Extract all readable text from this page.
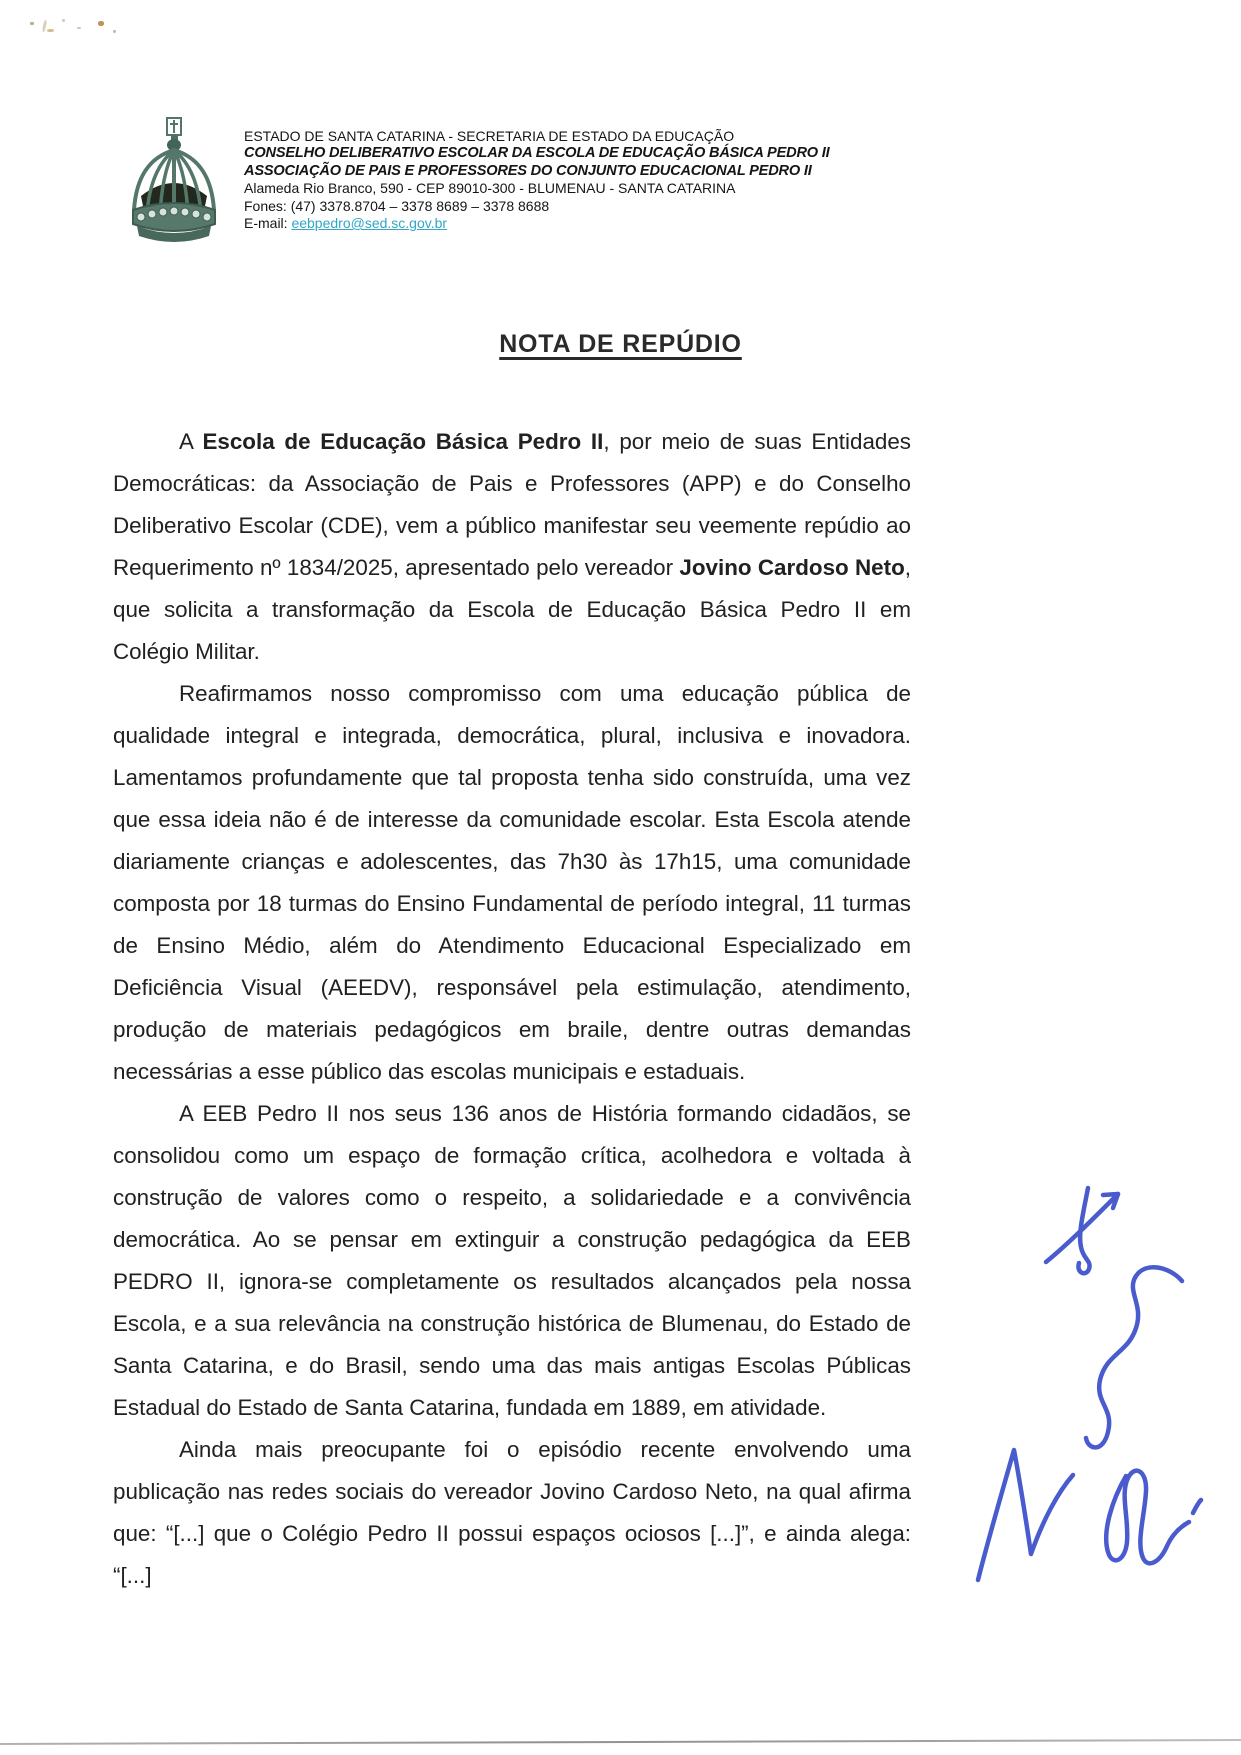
ESTADO DE SANTA CATARINA - SECRETARIA DE ESTADO DA EDUCAÇÃO
CONSELHO DELIBERATIVO ESCOLAR DA ESCOLA DE EDUCAÇÃO BÁSICA PEDRO II
ASSOCIAÇÃO DE PAIS E PROFESSORES DO CONJUNTO EDUCACIONAL PEDRO II
Alameda Rio Branco, 590 - CEP 89010-300 - BLUMENAU - SANTA CATARINA
Fones: (47) 3378.8704 – 3378 8689 – 3378 8688
E-mail: eebpedro@sed.sc.gov.br
NOTA DE REPÚDIO

A Escola de Educação Básica Pedro II, por meio de suas Entidades Democráticas: da Associação de Pais e Professores (APP) e do Conselho Deliberativo Escolar (CDE), vem a público manifestar seu veemente repúdio ao Requerimento nº 1834/2025, apresentado pelo vereador Jovino Cardoso Neto, que solicita a transformação da Escola de Educação Básica Pedro II em Colégio Militar.

Reafirmamos nosso compromisso com uma educação pública de qualidade integral e integrada, democrática, plural, inclusiva e inovadora. Lamentamos profundamente que tal proposta tenha sido construída, uma vez que essa ideia não é de interesse da comunidade escolar. Esta Escola atende diariamente crianças e adolescentes, das 7h30 às 17h15, uma comunidade composta por 18 turmas do Ensino Fundamental de período integral, 11 turmas de Ensino Médio, além do Atendimento Educacional Especializado em Deficiência Visual (AEEDV), responsável pela estimulação, atendimento, produção de materiais pedagógicos em braile, dentre outras demandas necessárias a esse público das escolas municipais e estaduais.

A EEB Pedro II nos seus 136 anos de História formando cidadãos, se consolidou como um espaço de formação crítica, acolhedora e voltada à construção de valores como o respeito, a solidariedade e a convivência democrática. Ao se pensar em extinguir a construção pedagógica da EEB PEDRO II, ignora-se completamente os resultados alcançados pela nossa Escola, e a sua relevância na construção histórica de Blumenau, do Estado de Santa Catarina, e do Brasil, sendo uma das mais antigas Escolas Públicas Estadual do Estado de Santa Catarina, fundada em 1889, em atividade.

Ainda mais preocupante foi o episódio recente envolvendo uma publicação nas redes sociais do vereador Jovino Cardoso Neto, na qual afirma que: “[...] que o Colégio Pedro II possui espaços ociosos [...]”, e ainda alega: “[...]
